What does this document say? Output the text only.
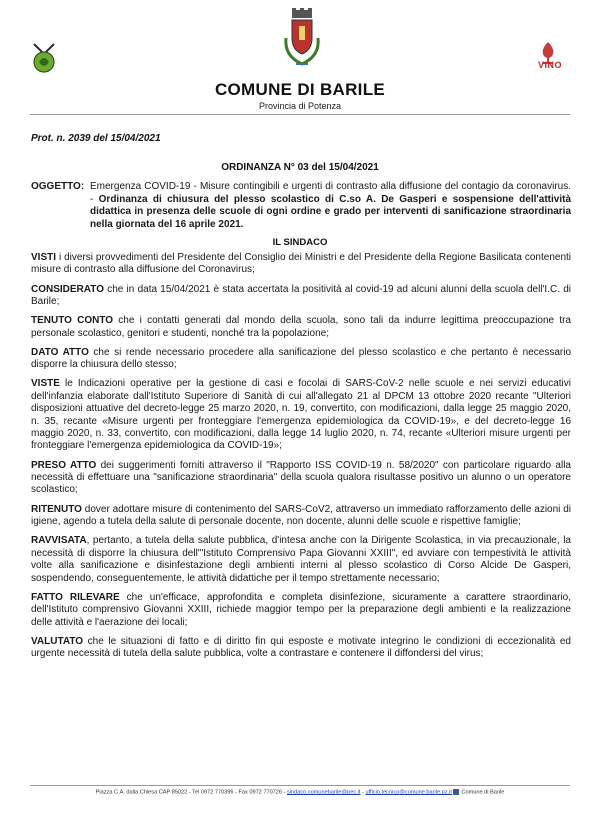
VINO
COMUNE DI BARILE
Provincia di Potenza
Prot. n. 2039 del 15/04/2021
ORDINANZA N° 03 del 15/04/2021
OGGETTO: Emergenza COVID-19 - Misure contingibili e urgenti di contrasto alla diffusione del contagio da coronavirus. - Ordinanza di chiusura del plesso scolastico di C.so A. De Gasperi e sospensione dell'attività didattica in presenza delle scuole di ogni ordine e grado per interventi di sanificazione straordinaria nella giornata del 16 aprile 2021.
IL SINDACO

VISTI i diversi provvedimenti del Presidente del Consiglio dei Ministri e del Presidente della Regione Basilicata contenenti misure di contrasto alla diffusione del Coronavirus;

CONSIDERATO che in data 15/04/2021 è stata accertata la positività al covid-19 ad alcuni alunni della scuola dell'I.C. di Barile;

TENUTO CONTO che i contatti generati dal mondo della scuola, sono tali da indurre legittima preoccupazione tra personale scolastico, genitori e studenti, nonché tra la popolazione;

DATO ATTO che si rende necessario procedere alla sanificazione del plesso scolastico e che pertanto è necessario disporre la chiusura dello stesso;

VISTE le Indicazioni operative per la gestione di casi e focolai di SARS-CoV-2 nelle scuole e nei servizi educativi dell'infanzia elaborate dall'Istituto Superiore di Sanità di cui all'allegato 21 al DPCM 13 ottobre 2020 recante "Ulteriori disposizioni attuative del decreto-legge 25 marzo 2020, n. 19, convertito, con modificazioni, dalla legge 25 maggio 2020, n. 35, recante «Misure urgenti per fronteggiare l'emergenza epidemiologica da COVID-19», e del decreto-legge 16 maggio 2020, n. 33, convertito, con modificazioni, dalla legge 14 luglio 2020, n. 74, recante «Ulteriori misure urgenti per fronteggiare l'emergenza epidemiologica da COVID-19»;

PRESO ATTO dei suggerimenti forniti attraverso il "Rapporto ISS COVID-19 n. 58/2020" con particolare riguardo alla necessità di effettuare una "sanificazione straordinaria" della scuola qualora risultasse positivo un alunno o un operatore scolastico;

RITENUTO dover adottare misure di contenimento del SARS-CoV2, attraverso un immediato rafforzamento delle azioni di igiene, agendo a tutela della salute di personale docente, non docente, alunni delle scuole e rispettive famiglie;

RAVVISATA, pertanto, a tutela della salute pubblica, d'intesa anche con la Dirigente Scolastica, in via precauzionale, la necessità di disporre la chiusura dell'"Istituto Comprensivo Papa Giovanni XXIII", ed avviare con tempestività le attività volte alla sanificazione e disinfestazione degli ambienti interni al plesso scolastico di Corso Alcide De Gasperi, sospendendo, conseguentemente, le attività didattiche per il tempo strettamente necessario;

FATTO RILEVARE che un'efficace, approfondita e completa disinfezione, sicuramente a carattere straordinario, dell'Istituto comprensivo Giovanni XXIII, richiede maggior tempo per la preparazione degli ambienti e la realizzazione delle attività e l'aerazione dei locali;

VALUTATO che le situazioni di fatto e di diritto fin qui esposte e motivate integrino le condizioni di eccezionalità ed urgente necessità di tutela della salute pubblica, volte a contrastare e contenere il diffondersi del virus;

Piazza C.A. dalla Chiesa CAP 85022 - Tel 0972 770396 - Fax 0972 770726 - sindaco.comunebarile@pec.it - ufficio.tecnico@comune.barile.pz.it Comune di Barile
